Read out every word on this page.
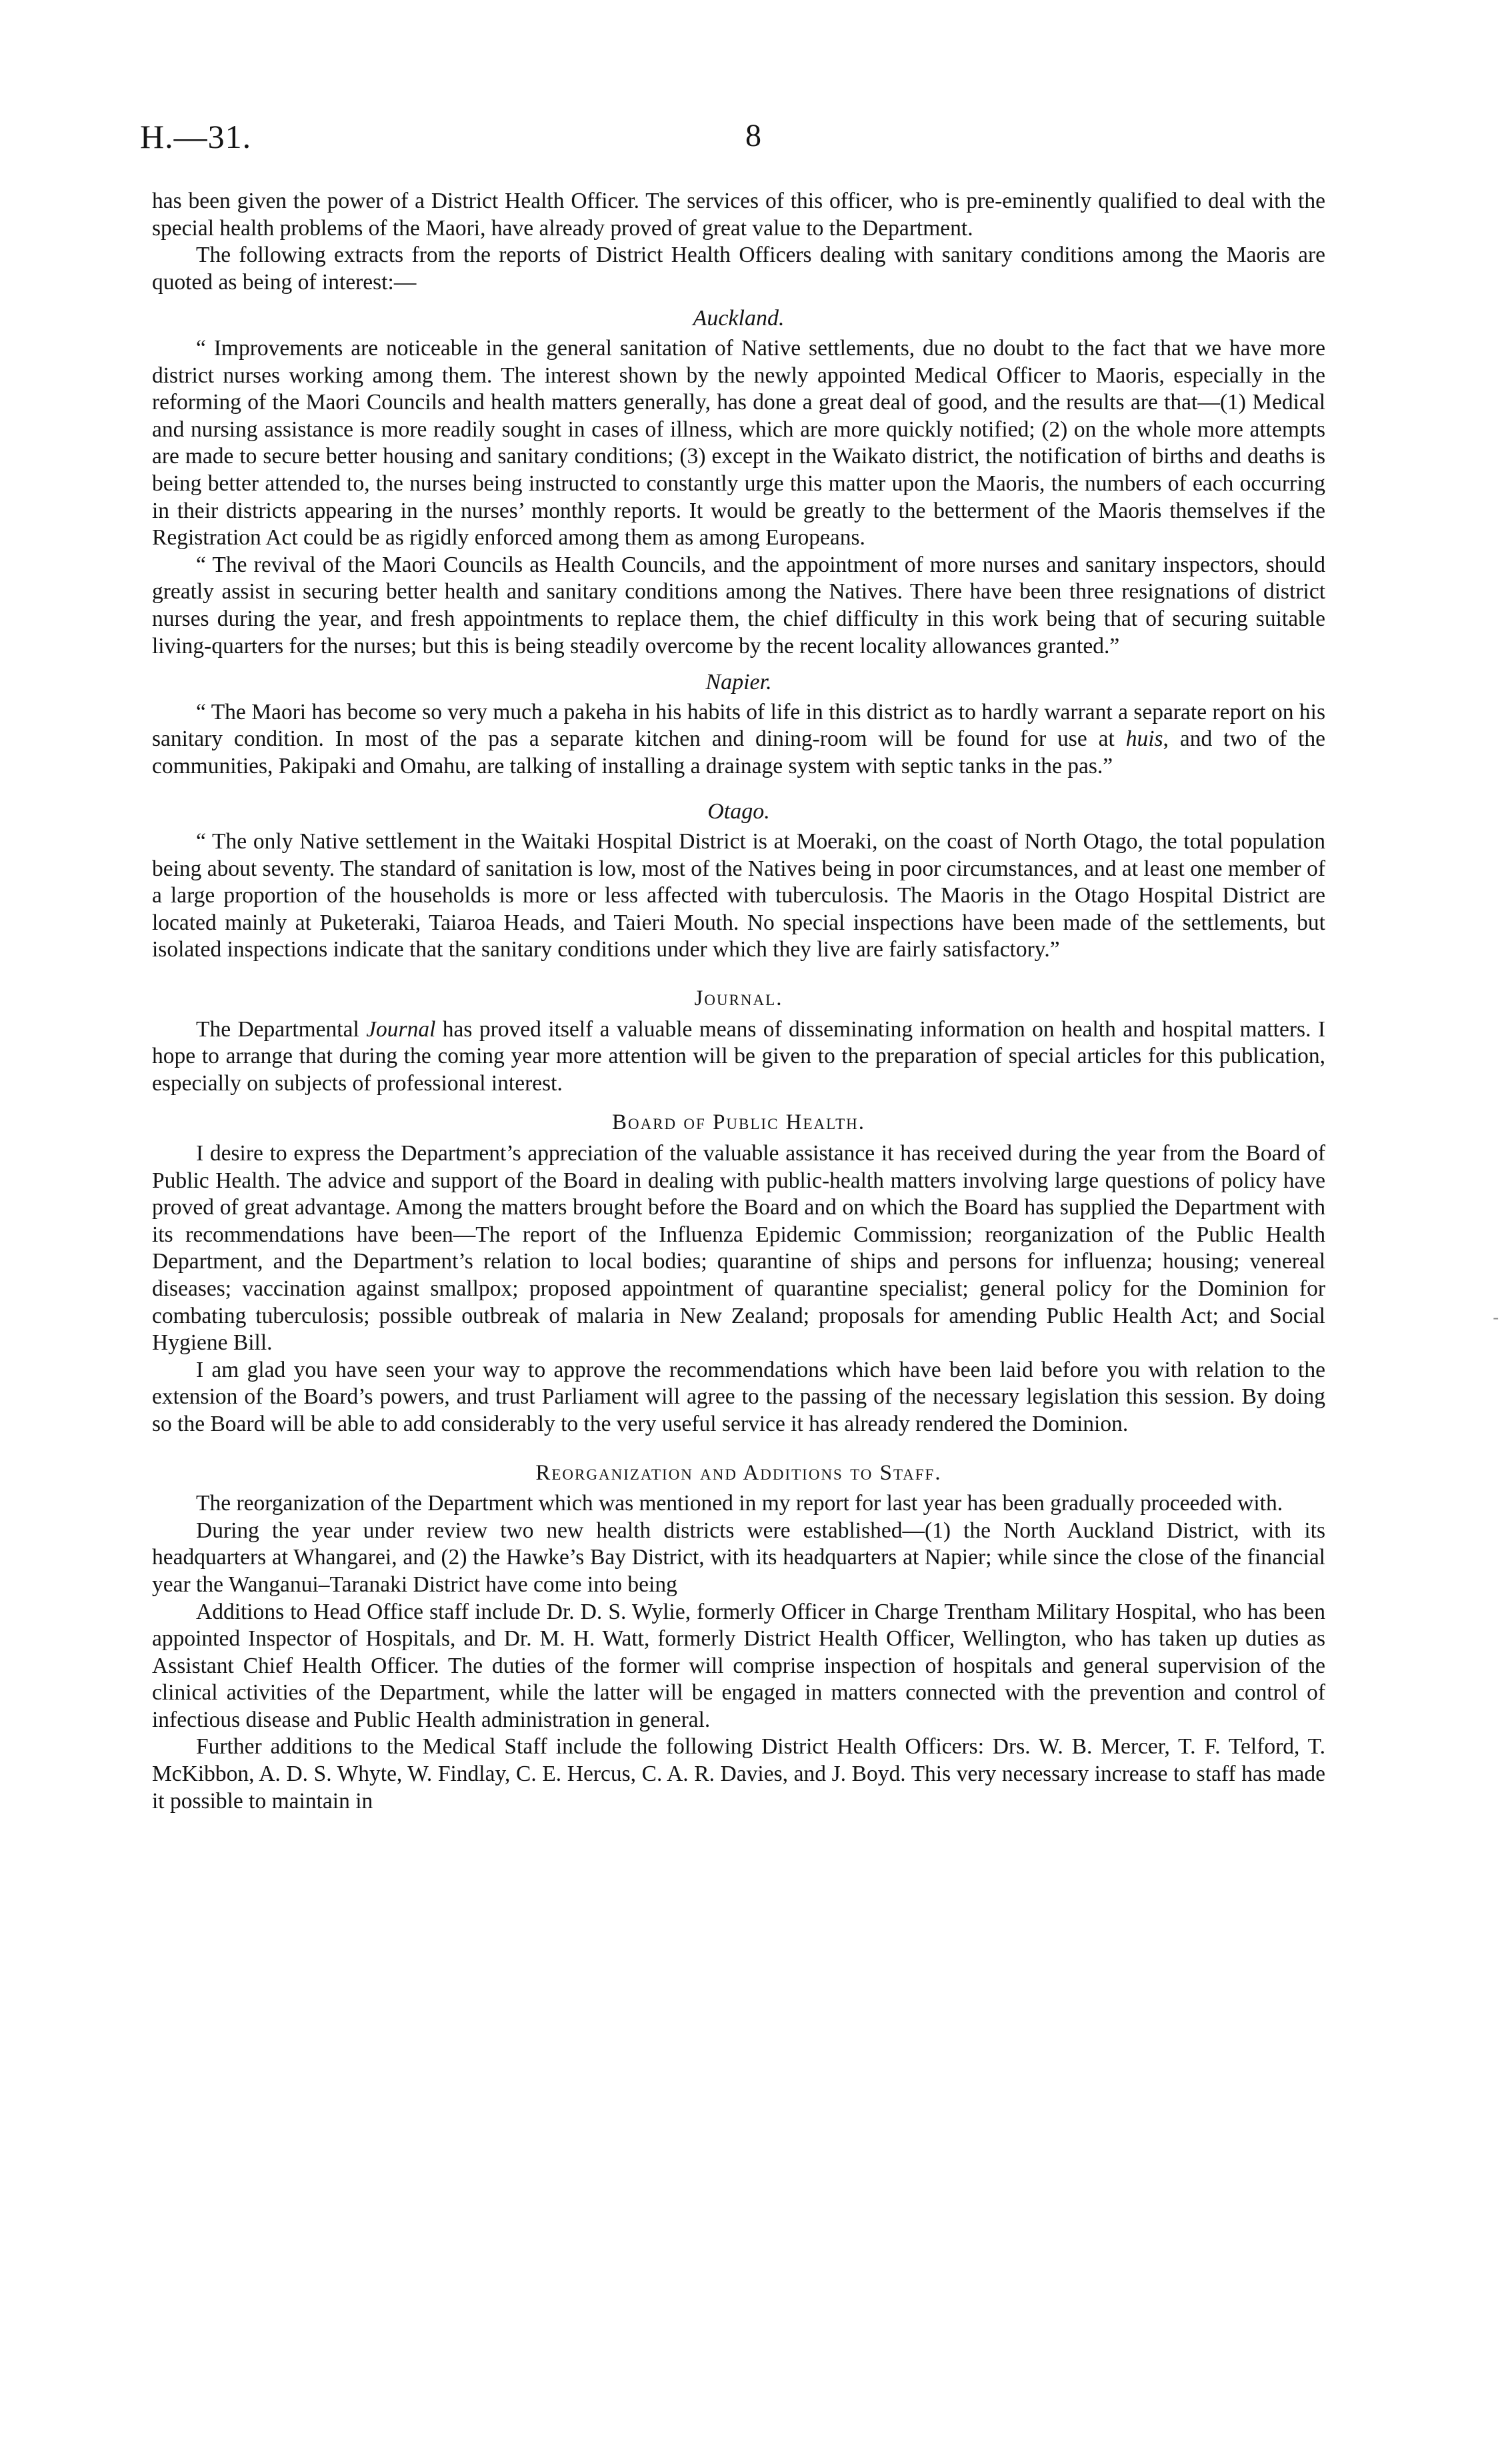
H.—31.	8
-

has been given the power of a District Health Officer. The services of this officer, who is pre-eminently qualified to deal with the special health problems of the Maori, have already proved of great value to the Department.

The following extracts from the reports of District Health Officers dealing with sanitary conditions among the Maoris are quoted as being of interest:—

Auckland.

“ Improvements are noticeable in the general sanitation of Native settlements, due no doubt to the fact that we have more district nurses working among them. The interest shown by the newly appointed Medical Officer to Maoris, especially in the reforming of the Maori Councils and health matters generally, has done a great deal of good, and the results are that—(1) Medical and nursing assistance is more readily sought in cases of illness, which are more quickly notified; (2) on the whole more attempts are made to secure better housing and sanitary conditions; (3) except in the Waikato district, the notification of births and deaths is being better attended to, the nurses being instructed to constantly urge this matter upon the Maoris, the numbers of each occurring in their districts appearing in the nurses’ monthly reports. It would be greatly to the betterment of the Maoris themselves if the Registration Act could be as rigidly enforced among them as among Europeans.

“ The revival of the Maori Councils as Health Councils, and the appointment of more nurses and sanitary inspectors, should greatly assist in securing better health and sanitary conditions among the Natives. There have been three resignations of district nurses during the year, and fresh appointments to replace them, the chief difficulty in this work being that of securing suitable living-quarters for the nurses; but this is being steadily overcome by the recent locality allowances granted.”

Napier.

“ The Maori has become so very much a pakeha in his habits of life in this district as to hardly warrant a separate report on his sanitary condition. In most of the pas a separate kitchen and dining-room will be found for use at huis, and two of the communities, Pakipaki and Omahu, are talking of installing a drainage system with septic tanks in the pas.”

Otago.

“ The only Native settlement in the Waitaki Hospital District is at Moeraki, on the coast of North Otago, the total population being about seventy. The standard of sanitation is low, most of the Natives being in poor circumstances, and at least one member of a large proportion of the households is more or less affected with tuberculosis. The Maoris in the Otago Hospital District are located mainly at Puketeraki, Taiaroa Heads, and Taieri Mouth. No special inspections have been made of the settlements, but isolated inspections indicate that the sanitary conditions under which they live are fairly satisfactory.”

Journal.

The Departmental Journal has proved itself a valuable means of disseminating information on health and hospital matters. I hope to arrange that during the coming year more attention will be given to the preparation of special articles for this publication, especially on subjects of professional interest.

Board of Public Health.

I desire to express the Department’s appreciation of the valuable assistance it has received during the year from the Board of Public Health. The advice and support of the Board in dealing with public-health matters involving large questions of policy have proved of great advantage. Among the matters brought before the Board and on which the Board has supplied the Department with its recommendations have been—The report of the Influenza Epidemic Commission; reorganization of the Public Health Department, and the Department’s relation to local bodies; quarantine of ships and persons for influenza; housing; venereal diseases; vaccination against smallpox; proposed appointment of quarantine specialist; general policy for the Dominion for combating tuberculosis; possible outbreak of malaria in New Zealand; proposals for amending Public Health Act; and Social Hygiene Bill.

I am glad you have seen your way to approve the recommendations which have been laid before you with relation to the extension of the Board’s powers, and trust Parliament will agree to the passing of the necessary legislation this session. By doing so the Board will be able to add considerably to the very useful service it has already rendered the Dominion.

Reorganization and Additions to Staff.

The reorganization of the Department which was mentioned in my report for last year has been gradually proceeded with.

During the year under review two new health districts were established—(1) the North Auckland District, with its headquarters at Whangarei, and (2) the Hawke’s Bay District, with its headquarters at Napier; while since the close of the financial year the Wanganui–Taranaki District have come into being

Additions to Head Office staff include Dr. D. S. Wylie, formerly Officer in Charge Trentham Military Hospital, who has been appointed Inspector of Hospitals, and Dr. M. H. Watt, formerly District Health Officer, Wellington, who has taken up duties as Assistant Chief Health Officer. The duties of the former will comprise inspection of hospitals and general supervision of the clinical activities of the Department, while the latter will be engaged in matters connected with the prevention and control of infectious disease and Public Health administration in general.

Further additions to the Medical Staff include the following District Health Officers: Drs. W. B. Mercer, T. F. Telford, T. McKibbon, A. D. S. Whyte, W. Findlay, C. E. Hercus, C. A. R. Davies, and J. Boyd. This very necessary increase to staff has made it possible to maintain in
